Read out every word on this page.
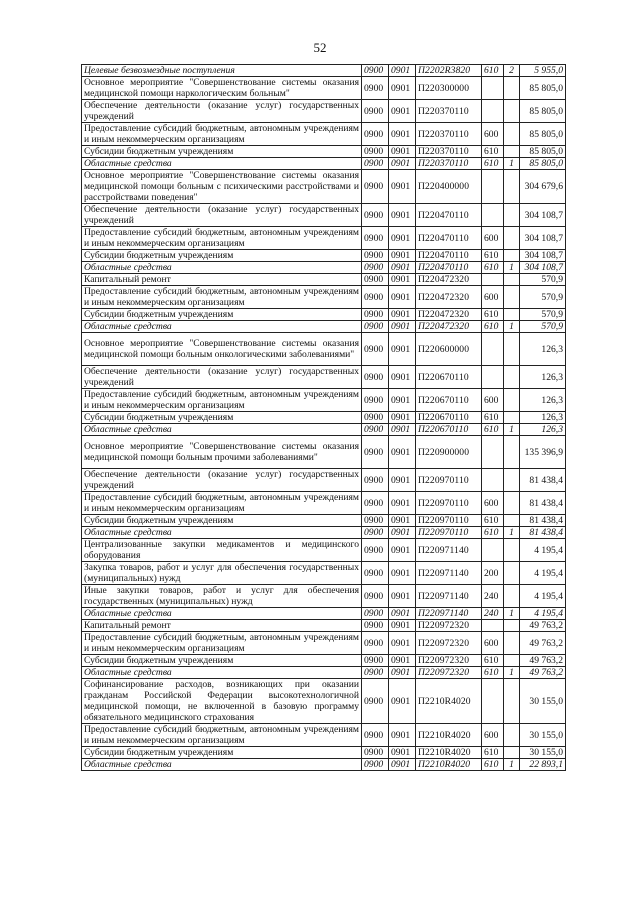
52
Целевые безвозмездные поступления	0900	0901	П2202R3820	610	2	5 955,0
Основное мероприятие "Совершенствование системы оказания медицинской помощи наркологическим больным"	0900	0901	П220300000			85 805,0
Обеспечение деятельности (оказание услуг) государственных учреждений	0900	0901	П220370110			85 805,0
Предоставление субсидий бюджетным, автономным учреждениям и иным некоммерческим организациям	0900	0901	П220370110	600		85 805,0
Субсидии бюджетным учреждениям	0900	0901	П220370110	610		85 805,0
Областные средства	0900	0901	П220370110	610	1	85 805,0
Основное мероприятие "Совершенствование системы оказания медицинской помощи больным с психическими расстройствами и расстройствами поведения"	0900	0901	П220400000			304 679,6
Обеспечение деятельности (оказание услуг) государственных учреждений	0900	0901	П220470110			304 108,7
Предоставление субсидий бюджетным, автономным учреждениям и иным некоммерческим организациям	0900	0901	П220470110	600		304 108,7
Субсидии бюджетным учреждениям	0900	0901	П220470110	610		304 108,7
Областные средства	0900	0901	П220470110	610	1	304 108,7
Капитальный ремонт	0900	0901	П220472320			570,9
Предоставление субсидий бюджетным, автономным учреждениям и иным некоммерческим организациям	0900	0901	П220472320	600		570,9
Субсидии бюджетным учреждениям	0900	0901	П220472320	610		570,9
Областные средства	0900	0901	П220472320	610	1	570,9
Основное мероприятие "Совершенствование системы оказания медицинской помощи больным онкологическими заболеваниями"	0900	0901	П220600000			126,3
Обеспечение деятельности (оказание услуг) государственных учреждений	0900	0901	П220670110			126,3
Предоставление субсидий бюджетным, автономным учреждениям и иным некоммерческим организациям	0900	0901	П220670110	600		126,3
Субсидии бюджетным учреждениям	0900	0901	П220670110	610		126,3
Областные средства	0900	0901	П220670110	610	1	126,3
Основное мероприятие "Совершенствование системы оказания медицинской помощи больным прочими заболеваниями"	0900	0901	П220900000			135 396,9
Обеспечение деятельности (оказание услуг) государственных учреждений	0900	0901	П220970110			81 438,4
Предоставление субсидий бюджетным, автономным учреждениям и иным некоммерческим организациям	0900	0901	П220970110	600		81 438,4
Субсидии бюджетным учреждениям	0900	0901	П220970110	610		81 438,4
Областные средства	0900	0901	П220970110	610	1	81 438,4
Централизованные закупки медикаментов и медицинского оборудования	0900	0901	П220971140			4 195,4
Закупка товаров, работ и услуг для обеспечения государственных (муниципальных) нужд	0900	0901	П220971140	200		4 195,4
Иные закупки товаров, работ и услуг для обеспечения государственных (муниципальных) нужд	0900	0901	П220971140	240		4 195,4
Областные средства	0900	0901	П220971140	240	1	4 195,4
Капитальный ремонт	0900	0901	П220972320			49 763,2
Предоставление субсидий бюджетным, автономным учреждениям и иным некоммерческим организациям	0900	0901	П220972320	600		49 763,2
Субсидии бюджетным учреждениям	0900	0901	П220972320	610		49 763,2
Областные средства	0900	0901	П220972320	610	1	49 763,2
Софинансирование расходов, возникающих при оказании гражданам Российской Федерации высокотехнологичной медицинской помощи, не включенной в базовую программу обязательного медицинского страхования	0900	0901	П2210R4020			30 155,0
Предоставление субсидий бюджетным, автономным учреждениям и иным некоммерческим организациям	0900	0901	П2210R4020	600		30 155,0
Субсидии бюджетным учреждениям	0900	0901	П2210R4020	610		30 155,0
Областные средства	0900	0901	П2210R4020	610	1	22 893,1
